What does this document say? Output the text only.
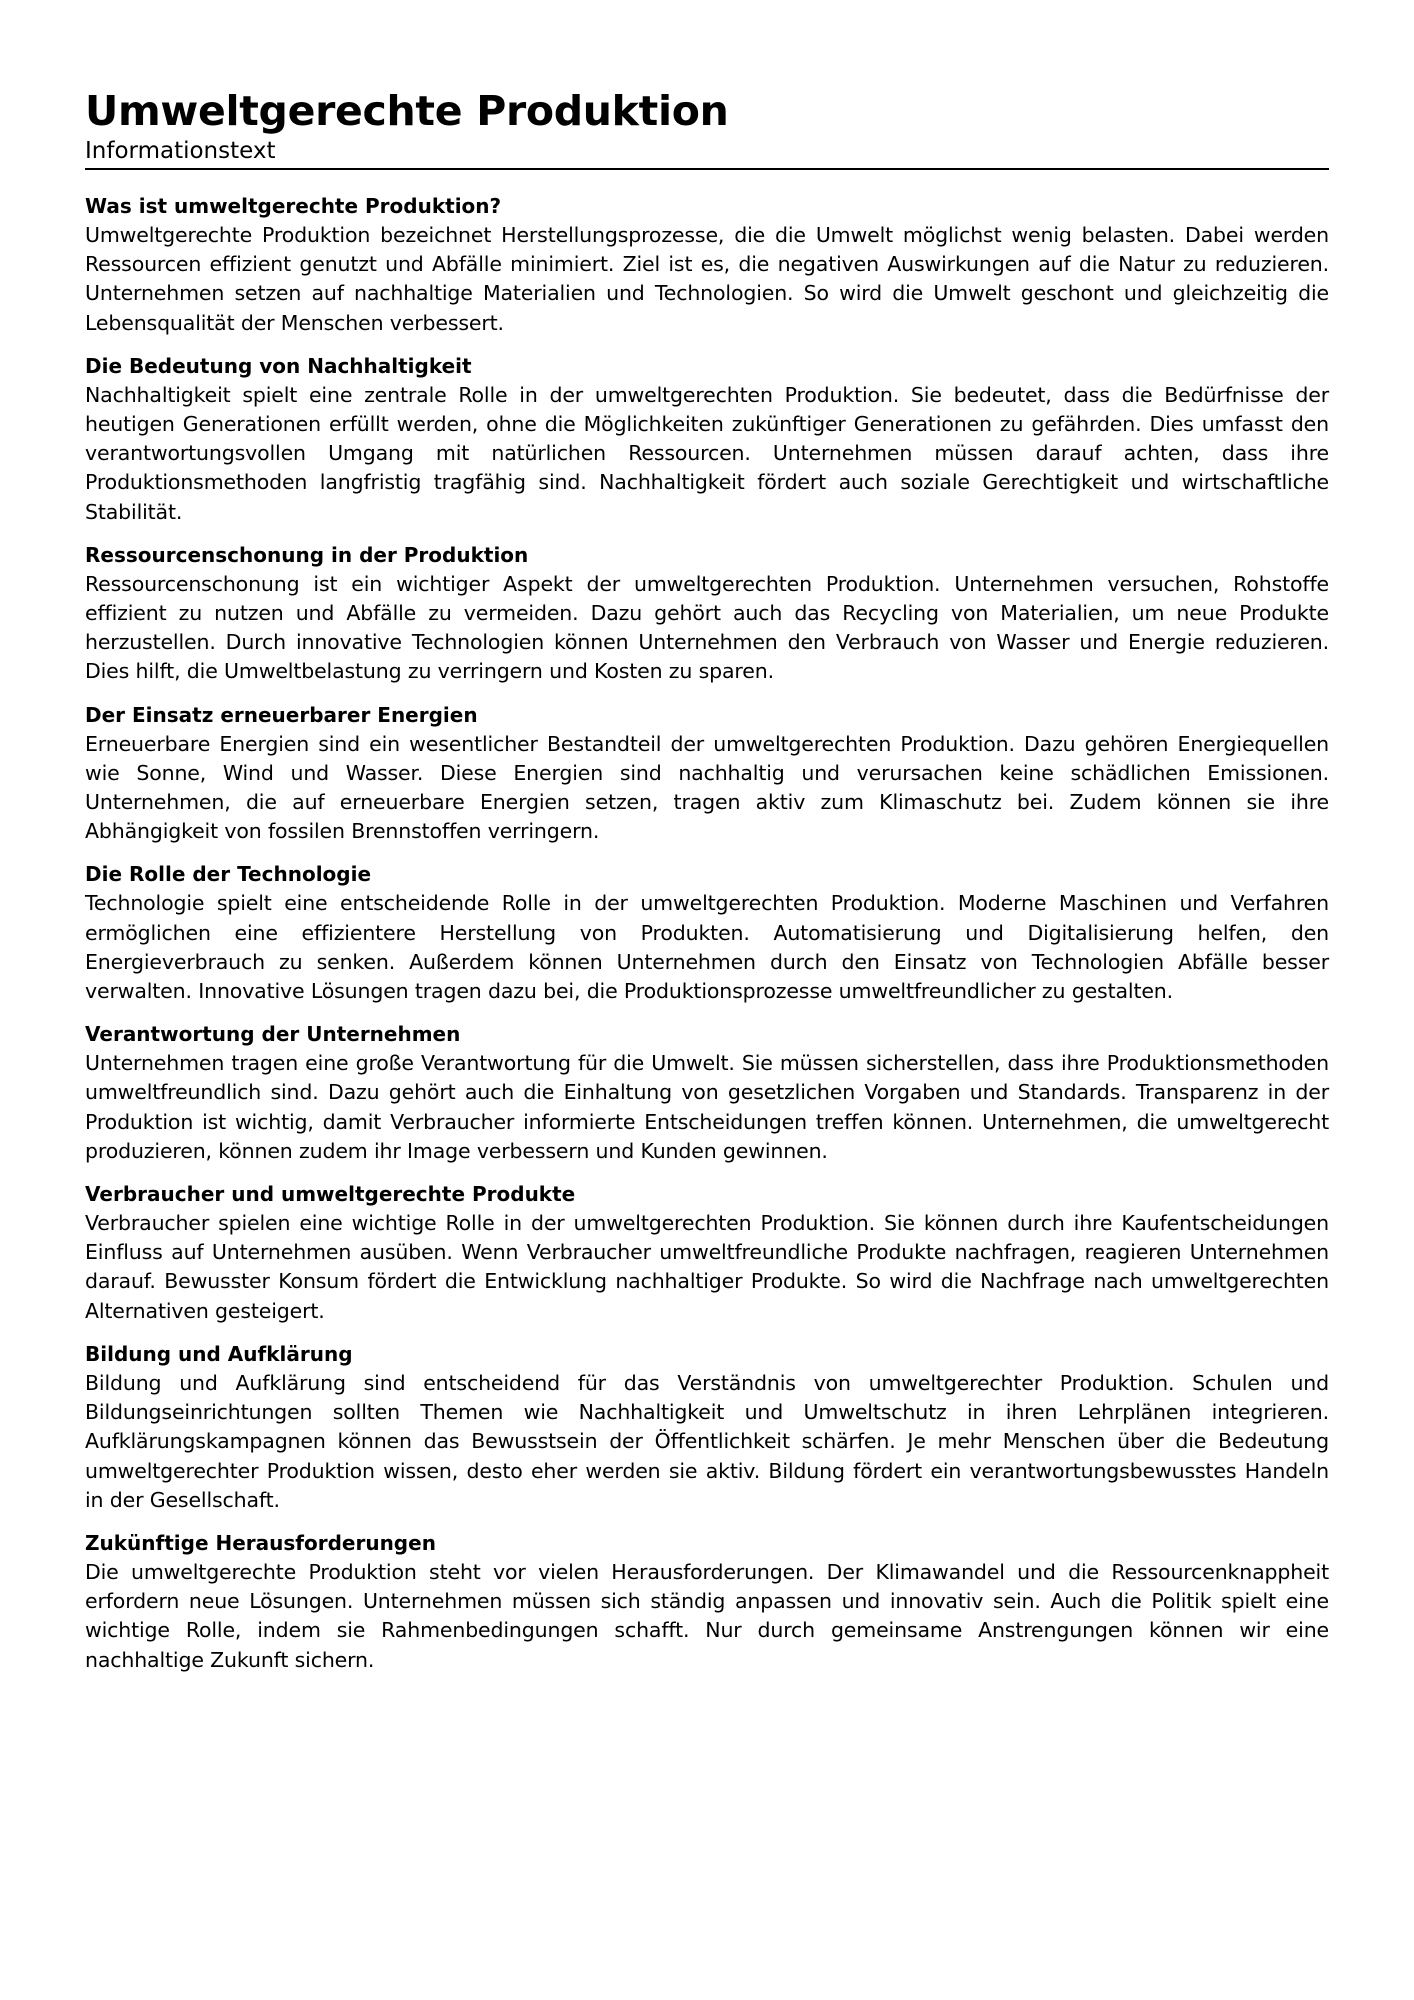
Umweltgerechte Produktion
Informationstext
Was ist umweltgerechte Produktion?

Umweltgerechte Produktion bezeichnet Herstellungsprozesse, die die Umwelt möglichst wenig belasten. Dabei werden Ressourcen effizient genutzt und Abfälle minimiert. Ziel ist es, die negativen Auswirkungen auf die Natur zu reduzieren. Unternehmen setzen auf nachhaltige Materialien und Technologien. So wird die Umwelt geschont und gleichzeitig die Lebensqualität der Menschen verbessert.

Die Bedeutung von Nachhaltigkeit

Nachhaltigkeit spielt eine zentrale Rolle in der umweltgerechten Produktion. Sie bedeutet, dass die Bedürfnisse der heutigen Generationen erfüllt werden, ohne die Möglichkeiten zukünftiger Generationen zu gefährden. Dies umfasst den verantwortungsvollen Umgang mit natürlichen Ressourcen. Unternehmen müssen darauf achten, dass ihre Produktionsmethoden langfristig tragfähig sind. Nachhaltigkeit fördert auch soziale Gerechtigkeit und wirtschaftliche Stabilität.

Ressourcenschonung in der Produktion

Ressourcenschonung ist ein wichtiger Aspekt der umweltgerechten Produktion. Unternehmen versuchen, Rohstoffe effizient zu nutzen und Abfälle zu vermeiden. Dazu gehört auch das Recycling von Materialien, um neue Produkte herzustellen. Durch innovative Technologien können Unternehmen den Verbrauch von Wasser und Energie reduzieren. Dies hilft, die Umweltbelastung zu verringern und Kosten zu sparen.

Der Einsatz erneuerbarer Energien

Erneuerbare Energien sind ein wesentlicher Bestandteil der umweltgerechten Produktion. Dazu gehören Energiequellen wie Sonne, Wind und Wasser. Diese Energien sind nachhaltig und verursachen keine schädlichen Emissionen. Unternehmen, die auf erneuerbare Energien setzen, tragen aktiv zum Klimaschutz bei. Zudem können sie ihre Abhängigkeit von fossilen Brennstoffen verringern.

Die Rolle der Technologie

Technologie spielt eine entscheidende Rolle in der umweltgerechten Produktion. Moderne Maschinen und Verfahren ermöglichen eine effizientere Herstellung von Produkten. Automatisierung und Digitalisierung helfen, den Energieverbrauch zu senken. Außerdem können Unternehmen durch den Einsatz von Technologien Abfälle besser verwalten. Innovative Lösungen tragen dazu bei, die Produktionsprozesse umweltfreundlicher zu gestalten.

Verantwortung der Unternehmen

Unternehmen tragen eine große Verantwortung für die Umwelt. Sie müssen sicherstellen, dass ihre Produktionsmethoden umweltfreundlich sind. Dazu gehört auch die Einhaltung von gesetzlichen Vorgaben und Standards. Transparenz in der Produktion ist wichtig, damit Verbraucher informierte Entscheidungen treffen können. Unternehmen, die umweltgerecht produzieren, können zudem ihr Image verbessern und Kunden gewinnen.

Verbraucher und umweltgerechte Produkte

Verbraucher spielen eine wichtige Rolle in der umweltgerechten Produktion. Sie können durch ihre Kaufentscheidungen Einfluss auf Unternehmen ausüben. Wenn Verbraucher umweltfreundliche Produkte nachfragen, reagieren Unternehmen darauf. Bewusster Konsum fördert die Entwicklung nachhaltiger Produkte. So wird die Nachfrage nach umweltgerechten Alternativen gesteigert.

Bildung und Aufklärung

Bildung und Aufklärung sind entscheidend für das Verständnis von umweltgerechter Produktion. Schulen und Bildungseinrichtungen sollten Themen wie Nachhaltigkeit und Umweltschutz in ihren Lehrplänen integrieren. Aufklärungskampagnen können das Bewusstsein der Öffentlichkeit schärfen. Je mehr Menschen über die Bedeutung umweltgerechter Produktion wissen, desto eher werden sie aktiv. Bildung fördert ein verantwortungsbewusstes Handeln in der Gesellschaft.

Zukünftige Herausforderungen

Die umweltgerechte Produktion steht vor vielen Herausforderungen. Der Klimawandel und die Ressourcenknappheit erfordern neue Lösungen. Unternehmen müssen sich ständig anpassen und innovativ sein. Auch die Politik spielt eine wichtige Rolle, indem sie Rahmenbedingungen schafft. Nur durch gemeinsame Anstrengungen können wir eine nachhaltige Zukunft sichern.
